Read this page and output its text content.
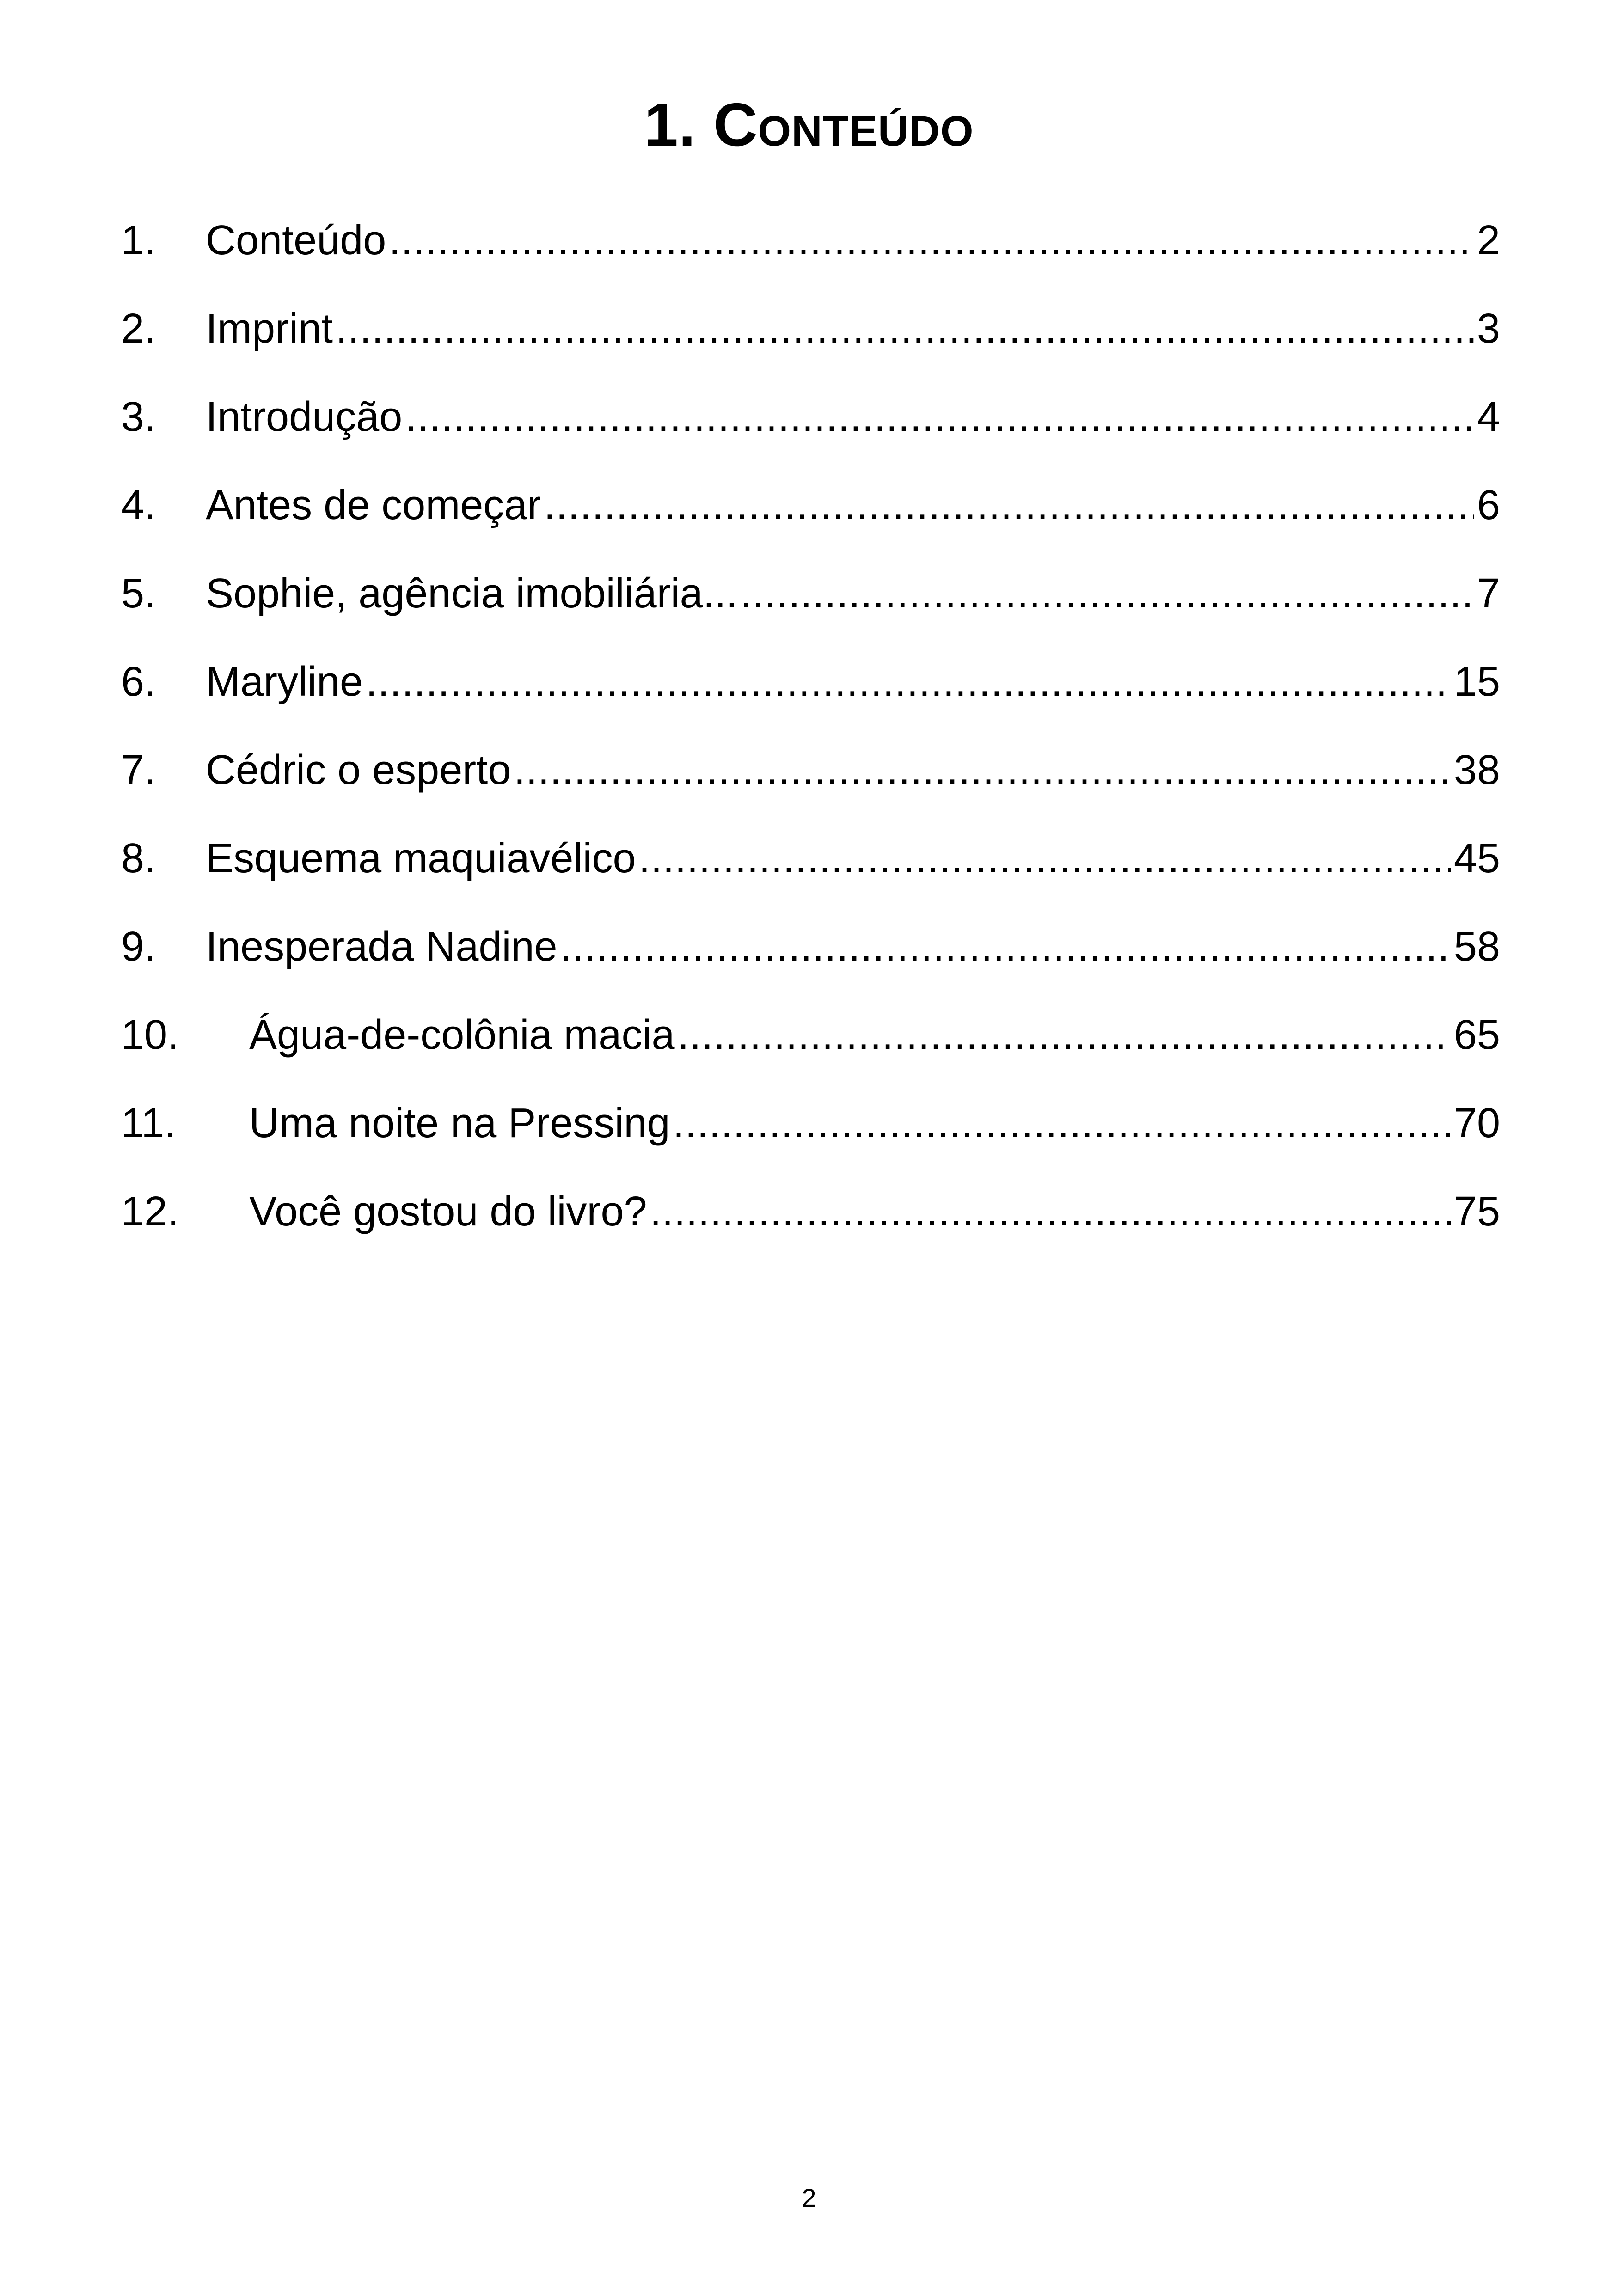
1. Conteúdo
1.	Conteúdo .....	2
2.	Imprint .....	3
3.	Introdução .....	4
4.	Antes de começar .....	6
5.	Sophie, agência imobiliária... .....	7
6.	Maryline .....	15
7.	Cédric o esperto .....	38
8.	Esquema maquiavélico .....	45
9.	Inesperada Nadine .....	58
10.	Água-de-colônia macia .....	65
11.	Uma noite na Pressing .....	70
12.	Você gostou do livro? .....	75
2
